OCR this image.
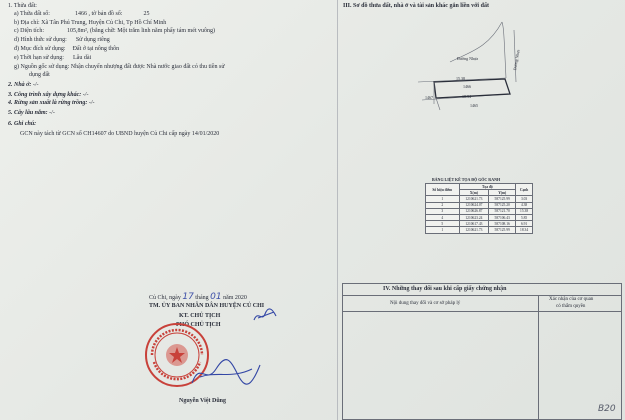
1. Thửa đất:
a) Thửa đất số:	1466 , tờ bản đồ số:	25
b) Địa chỉ: Xã Tân Phú Trung, Huyện Củ Chi, Tp Hồ Chí Minh
c) Diện tích:	105,8m², (bằng chữ: Một trăm linh năm phẩy tám mét vuông)
d) Hình thức sử dụng: Sử dụng riêng
đ) Mục đích sử dụng: Đất ở tại nông thôn
e) Thời hạn sử dụng: Lâu dài
g) Nguồn gốc sử dụng: Nhận chuyển nhượng đất được Nhà nước giao đất có thu tiền sử
dụng đất
2. Nhà ở: -/-
3. Công trình xây dựng khác: -/-
4. Rừng sản xuất là rừng trồng: -/-
5. Cây lâu năm: -/-
6. Ghi chú:
GCN này tách từ GCN số CH14607 do UBND huyện Củ Chi cấp ngày 14/01/2020
Củ Chi, ngày 17 tháng 01 năm 2020
TM. ỦY BAN NHÂN DÂN HUYỆN CỦ CHI
KT. CHỦ TỊCH
PHÓ CHỦ TỊCH
Nguyễn Việt Dũng
III. Sơ đồ thửa đất, nhà ở và tài sản khác gắn liền với đất
Đường Nhựa	Đường Nhựa
15.38
1466
18.34
1467
1465
BẢNG LIỆT KÊ TỌA ĐỘ GÓC RANH
Số hiệu điểm	Tọa độ		Cạnh
	X(m)	Y(m)	
1	1210621.73	587125.99	3.03
2	1210624.07	587125.20	4.38
3	1210626.87	587121.70	15.38
4	1210623.24	587106.43	5.85
5	1210617.43	587108.16	6.91
1	1210621.73	587125.99	18.34
IV. Những thay đổi sau khi cấp giấy chứng nhận
Nội dung thay đổi và cơ sở pháp lý
Xác nhận của cơ quan
có thẩm quyền
B20
